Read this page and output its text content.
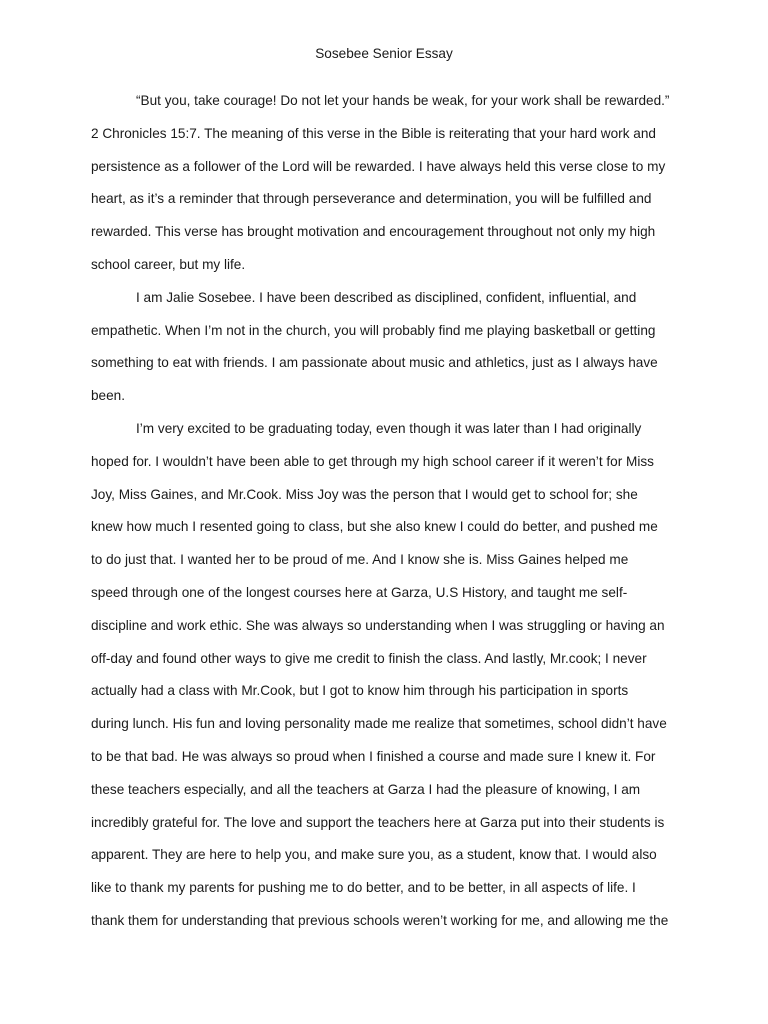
Sosebee Senior Essay
“But you, take courage! Do not let your hands be weak, for your work shall be rewarded.”
2 Chronicles 15:7. The meaning of this verse in the Bible is reiterating that your hard work and
persistence as a follower of the Lord will be rewarded. I have always held this verse close to my
heart, as it’s a reminder that through perseverance and determination, you will be fulfilled and
rewarded. This verse has brought motivation and encouragement throughout not only my high
school career, but my life.
I am Jalie Sosebee. I have been described as disciplined, confident, influential, and
empathetic. When I’m not in the church, you will probably find me playing basketball or getting
something to eat with friends. I am passionate about music and athletics, just as I always have
been.
I’m very excited to be graduating today, even though it was later than I had originally
hoped for. I wouldn’t have been able to get through my high school career if it weren’t for Miss
Joy, Miss Gaines, and Mr.Cook. Miss Joy was the person that I would get to school for; she
knew how much I resented going to class, but she also knew I could do better, and pushed me
to do just that. I wanted her to be proud of me. And I know she is. Miss Gaines helped me
speed through one of the longest courses here at Garza, U.S History, and taught me self-
discipline and work ethic. She was always so understanding when I was struggling or having an
off-day and found other ways to give me credit to finish the class. And lastly, Mr.cook; I never
actually had a class with Mr.Cook, but I got to know him through his participation in sports
during lunch. His fun and loving personality made me realize that sometimes, school didn’t have
to be that bad. He was always so proud when I finished a course and made sure I knew it. For
these teachers especially, and all the teachers at Garza I had the pleasure of knowing, I am
incredibly grateful for. The love and support the teachers here at Garza put into their students is
apparent. They are here to help you, and make sure you, as a student, know that. I would also
like to thank my parents for pushing me to do better, and to be better, in all aspects of life. I
thank them for understanding that previous schools weren’t working for me, and allowing me the
